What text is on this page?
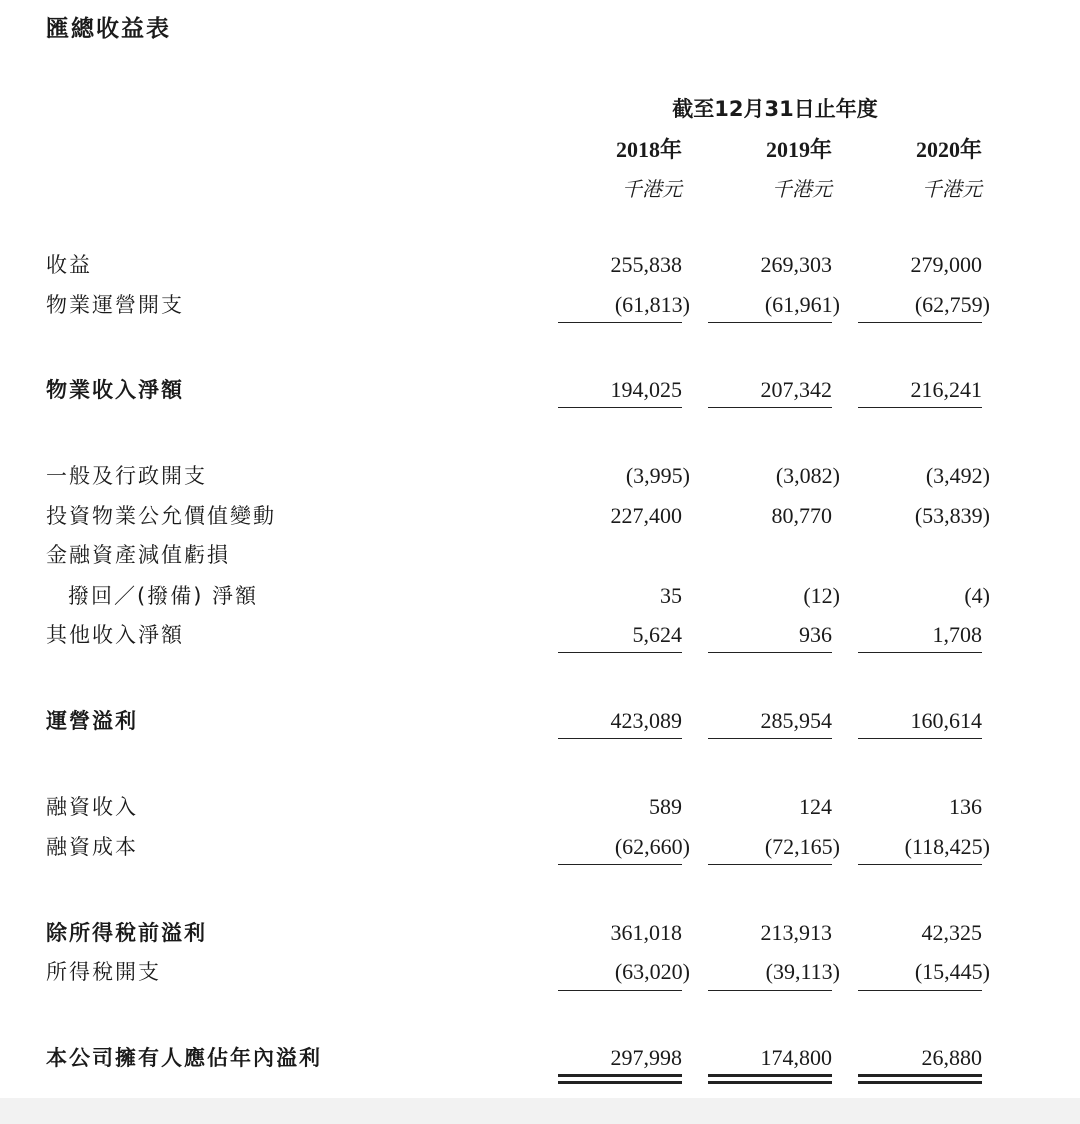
匯總收益表
截至12月31日止年度
2018年	2019年	2020年
千港元	千港元	千港元
收益	255,838	269,303	279,000
物業運營開支	(61,813)	(61,961)	(62,759)
物業收入淨額	194,025	207,342	216,241
一般及行政開支	(3,995)	(3,082)	(3,492)
投資物業公允價值變動	227,400	80,770	(53,839)
金融資產減值虧損
撥回／(撥備) 淨額	35	(12)	(4)
其他收入淨額	5,624	936	1,708
運營溢利	423,089	285,954	160,614
融資收入	589	124	136
融資成本	(62,660)	(72,165)	(118,425)
除所得稅前溢利	361,018	213,913	42,325
所得稅開支	(63,020)	(39,113)	(15,445)
本公司擁有人應佔年內溢利	297,998	174,800	26,880
